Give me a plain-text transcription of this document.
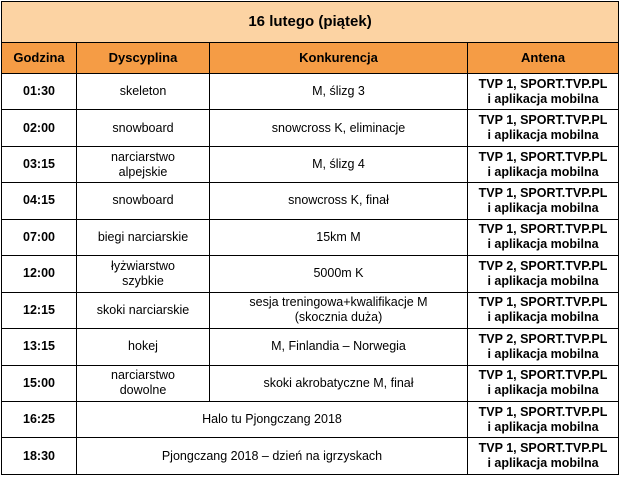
16 lutego (piątek)			
Godzina	Dyscyplina	Konkurencja	Antena
01:30	skeleton	M, ślizg 3	TVP 1, SPORT.TVP.PL
i aplikacja mobilna
02:00	snowboard	snowcross K, eliminacje	TVP 1, SPORT.TVP.PL
i aplikacja mobilna
03:15	narciarstwo
alpejskie	M, ślizg 4	TVP 1, SPORT.TVP.PL
i aplikacja mobilna
04:15	snowboard	snowcross K, finał	TVP 1, SPORT.TVP.PL
i aplikacja mobilna
07:00	biegi narciarskie	15km M	TVP 1, SPORT.TVP.PL
i aplikacja mobilna
12:00	łyżwiarstwo
szybkie	5000m K	TVP 2, SPORT.TVP.PL
i aplikacja mobilna
12:15	skoki narciarskie	sesja treningowa+kwalifikacje M
(skocznia duża)	TVP 1, SPORT.TVP.PL
i aplikacja mobilna
13:15	hokej	M, Finlandia – Norwegia	TVP 2, SPORT.TVP.PL
i aplikacja mobilna
15:00	narciarstwo
dowolne	skoki akrobatyczne M, finał	TVP 1, SPORT.TVP.PL
i aplikacja mobilna
16:25	Halo tu Pjongczang 2018		TVP 1, SPORT.TVP.PL
i aplikacja mobilna
18:30	Pjongczang 2018 – dzień na igrzyskach		TVP 1, SPORT.TVP.PL
i aplikacja mobilna
